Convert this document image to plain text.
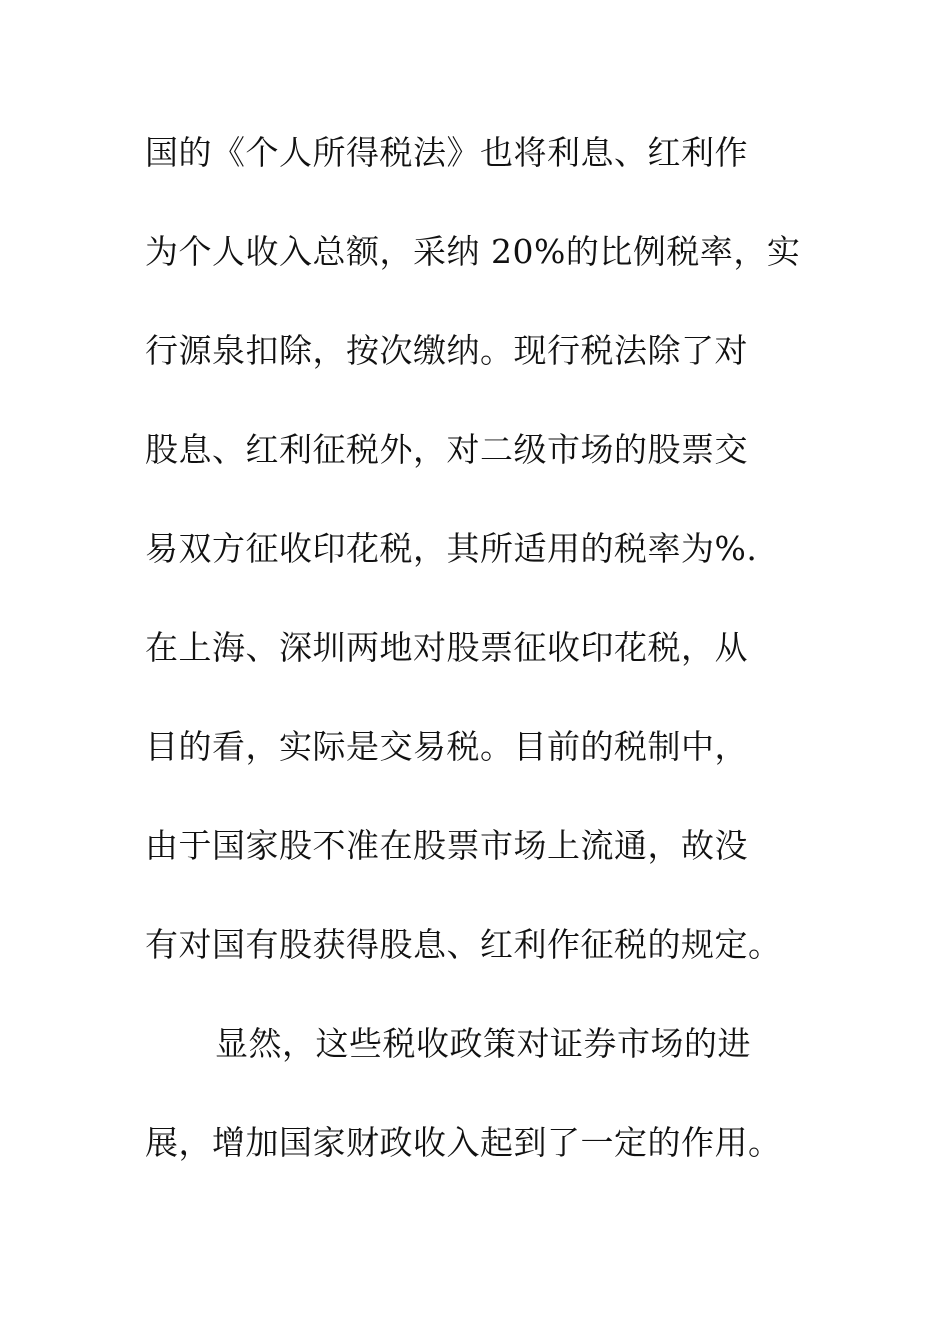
国的《个人所得税法》也将利息、红利作
为个人收入总额，采纳 20%的比例税率，实
行源泉扣除，按次缴纳。现行税法除了对
股息、红利征税外，对二级市场的股票交
易双方征收印花税，其所适用的税率为%.
在上海、深圳两地对股票征收印花税，从
目的看，实际是交易税。目前的税制中，
由于国家股不准在股票市场上流通，故没
有对国有股获得股息、红利作征税的规定。
显然，这些税收政策对证券市场的进
展，增加国家财政收入起到了一定的作用。
